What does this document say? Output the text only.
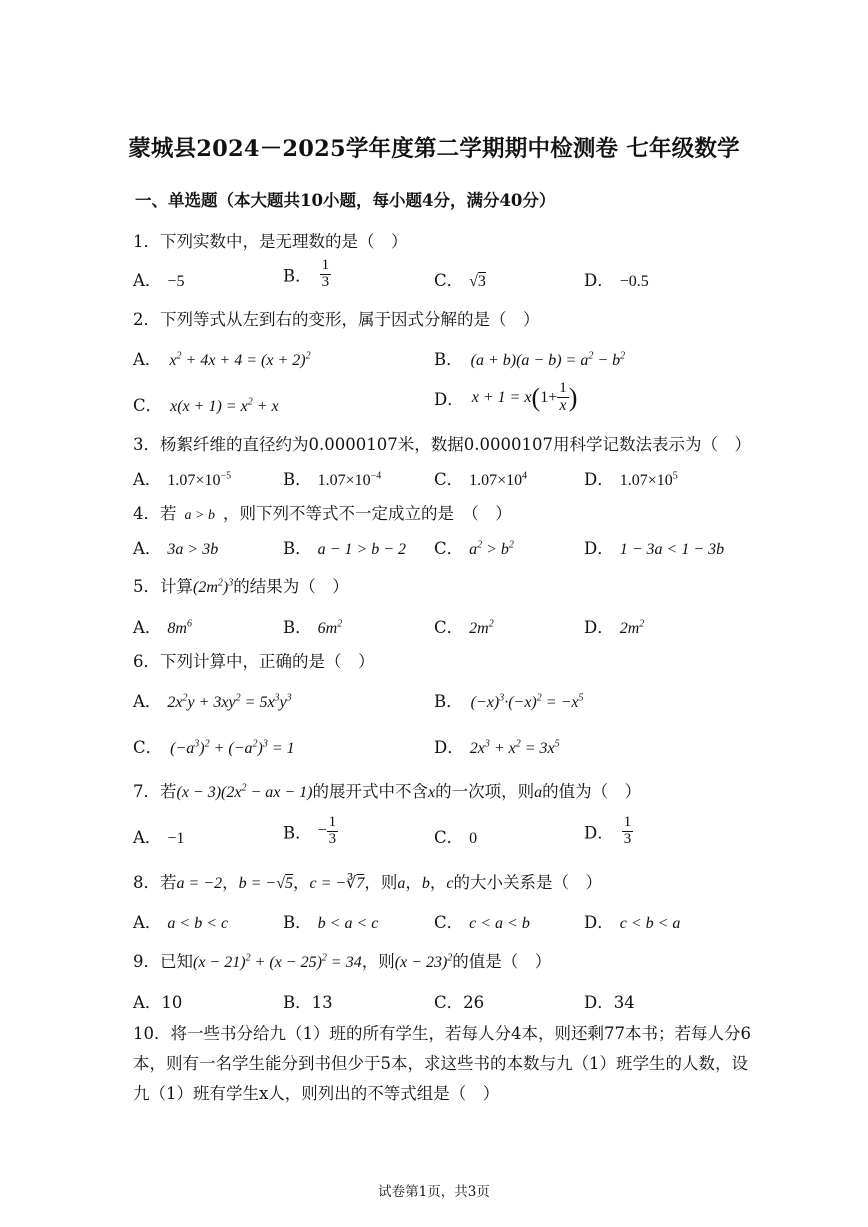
蒙城县2024－2025学年度第二学期期中检测卷 七年级数学
一、单选题（本大题共10小题，每小题4分，满分40分）
1．下列实数中，是无理数的是（　）
A． −5	B． $\frac{1}{3}$	C． √3	D． −0.5
2．下列等式从左到右的变形，属于因式分解的是（　）
A． $x^2 + 4x + 4 = (x + 2)^2$	B． $(a + b)(a - b) = a^2 - b^2$
C． $x(x + 1) = x^2 + x$	D． $x + 1 = x(1+ \frac{1}{x}$ )
3．杨絮纤维的直径约为0.0000107米，数据0.0000107用科学记数法表示为（　）
A． $1.07\times 10^{-5}$	B． $1.07\times 10^{-4}$	C． $1.07\times 10^4$	D． $1.07\times 10^5$
4．若 a > b ，则下列不等式不一定成立的是　（　）
A． 3a > 3b	B． a − 1 > b − 2 C． $a^2 > b^2$	D． 1 − 3a < 1 − 3b
5．计算$(2m^2)^3$的结果为（　）
A． $8m^6$	B． $6m^2$	C． $2m^2$	D． $2m^2$
6．下列计算中，正确的是（　）
A． $2x^2y + 3xy^2 = 5x^3y^3$	B． $(-x)^3\cdot(-x)^2 = -x^5$
C． $(-a^3)^2 + (-a^2)^3 = 1$	D． $2x^3 + x^2 = 3x^5$
7．若$(x - 3)(2x^2$ − ax − 1)的展开式中不含x的一次项，则a的值为（　）
A． −1	B． − $\frac{1}{3}$	C． 0	D． $\frac{1}{3}$
8．若a = −2，b = −√5，c = −∛7，则a，b，c的大小关系是（　）
A． a < b < c	B． b < a < c	C． c < a < b	D． c < b < a
9．已知$(x - 21)^2 + (x - 25)^2 = 34$，则$(x - 23)^2$的值是（　）
A．10	B．13	C．26	D．34
10．将一些书分给九（1）班的所有学生，若每人分4本，则还剩77本书；若每人分6本，则有一名学生能分到书但少于5本，求这些书的本数与九（1）班学生的人数，设九（1）班有学生x人，则列出的不等式组是（　）
试卷第1页，共3页
